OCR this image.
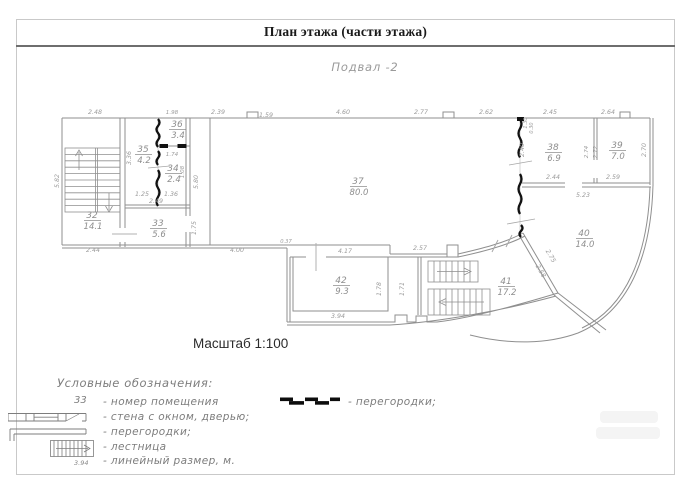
План этажа (части этажа)
Подвал -2
32
14.1	33
5.6
34
2.4
35
4.2
36
3.4
37
80.0
38
6.9
39
7.0
40
14.0
41
17.2
42
9.3
2.48
5.82
2.44
3.36
1.98
1.74
1.08
1.25 1.36
2.49
1.75
5.80
2.39	1.59	4.60	2.77	2.62	2.45	2.64
1.30 0.30
2.40	2.74 2.72	2.70
2.44	2.59
5.23
4.00
0.37
4.17	2.57
3.94
1.78	1.71
2.75
2.58
Масштаб 1:100
Условные обозначения:
33 - номер помещения
- стена с окном, дверью;
- перегородки;
- лестница
3.94 - линейный размер, м.
- перегородки;
